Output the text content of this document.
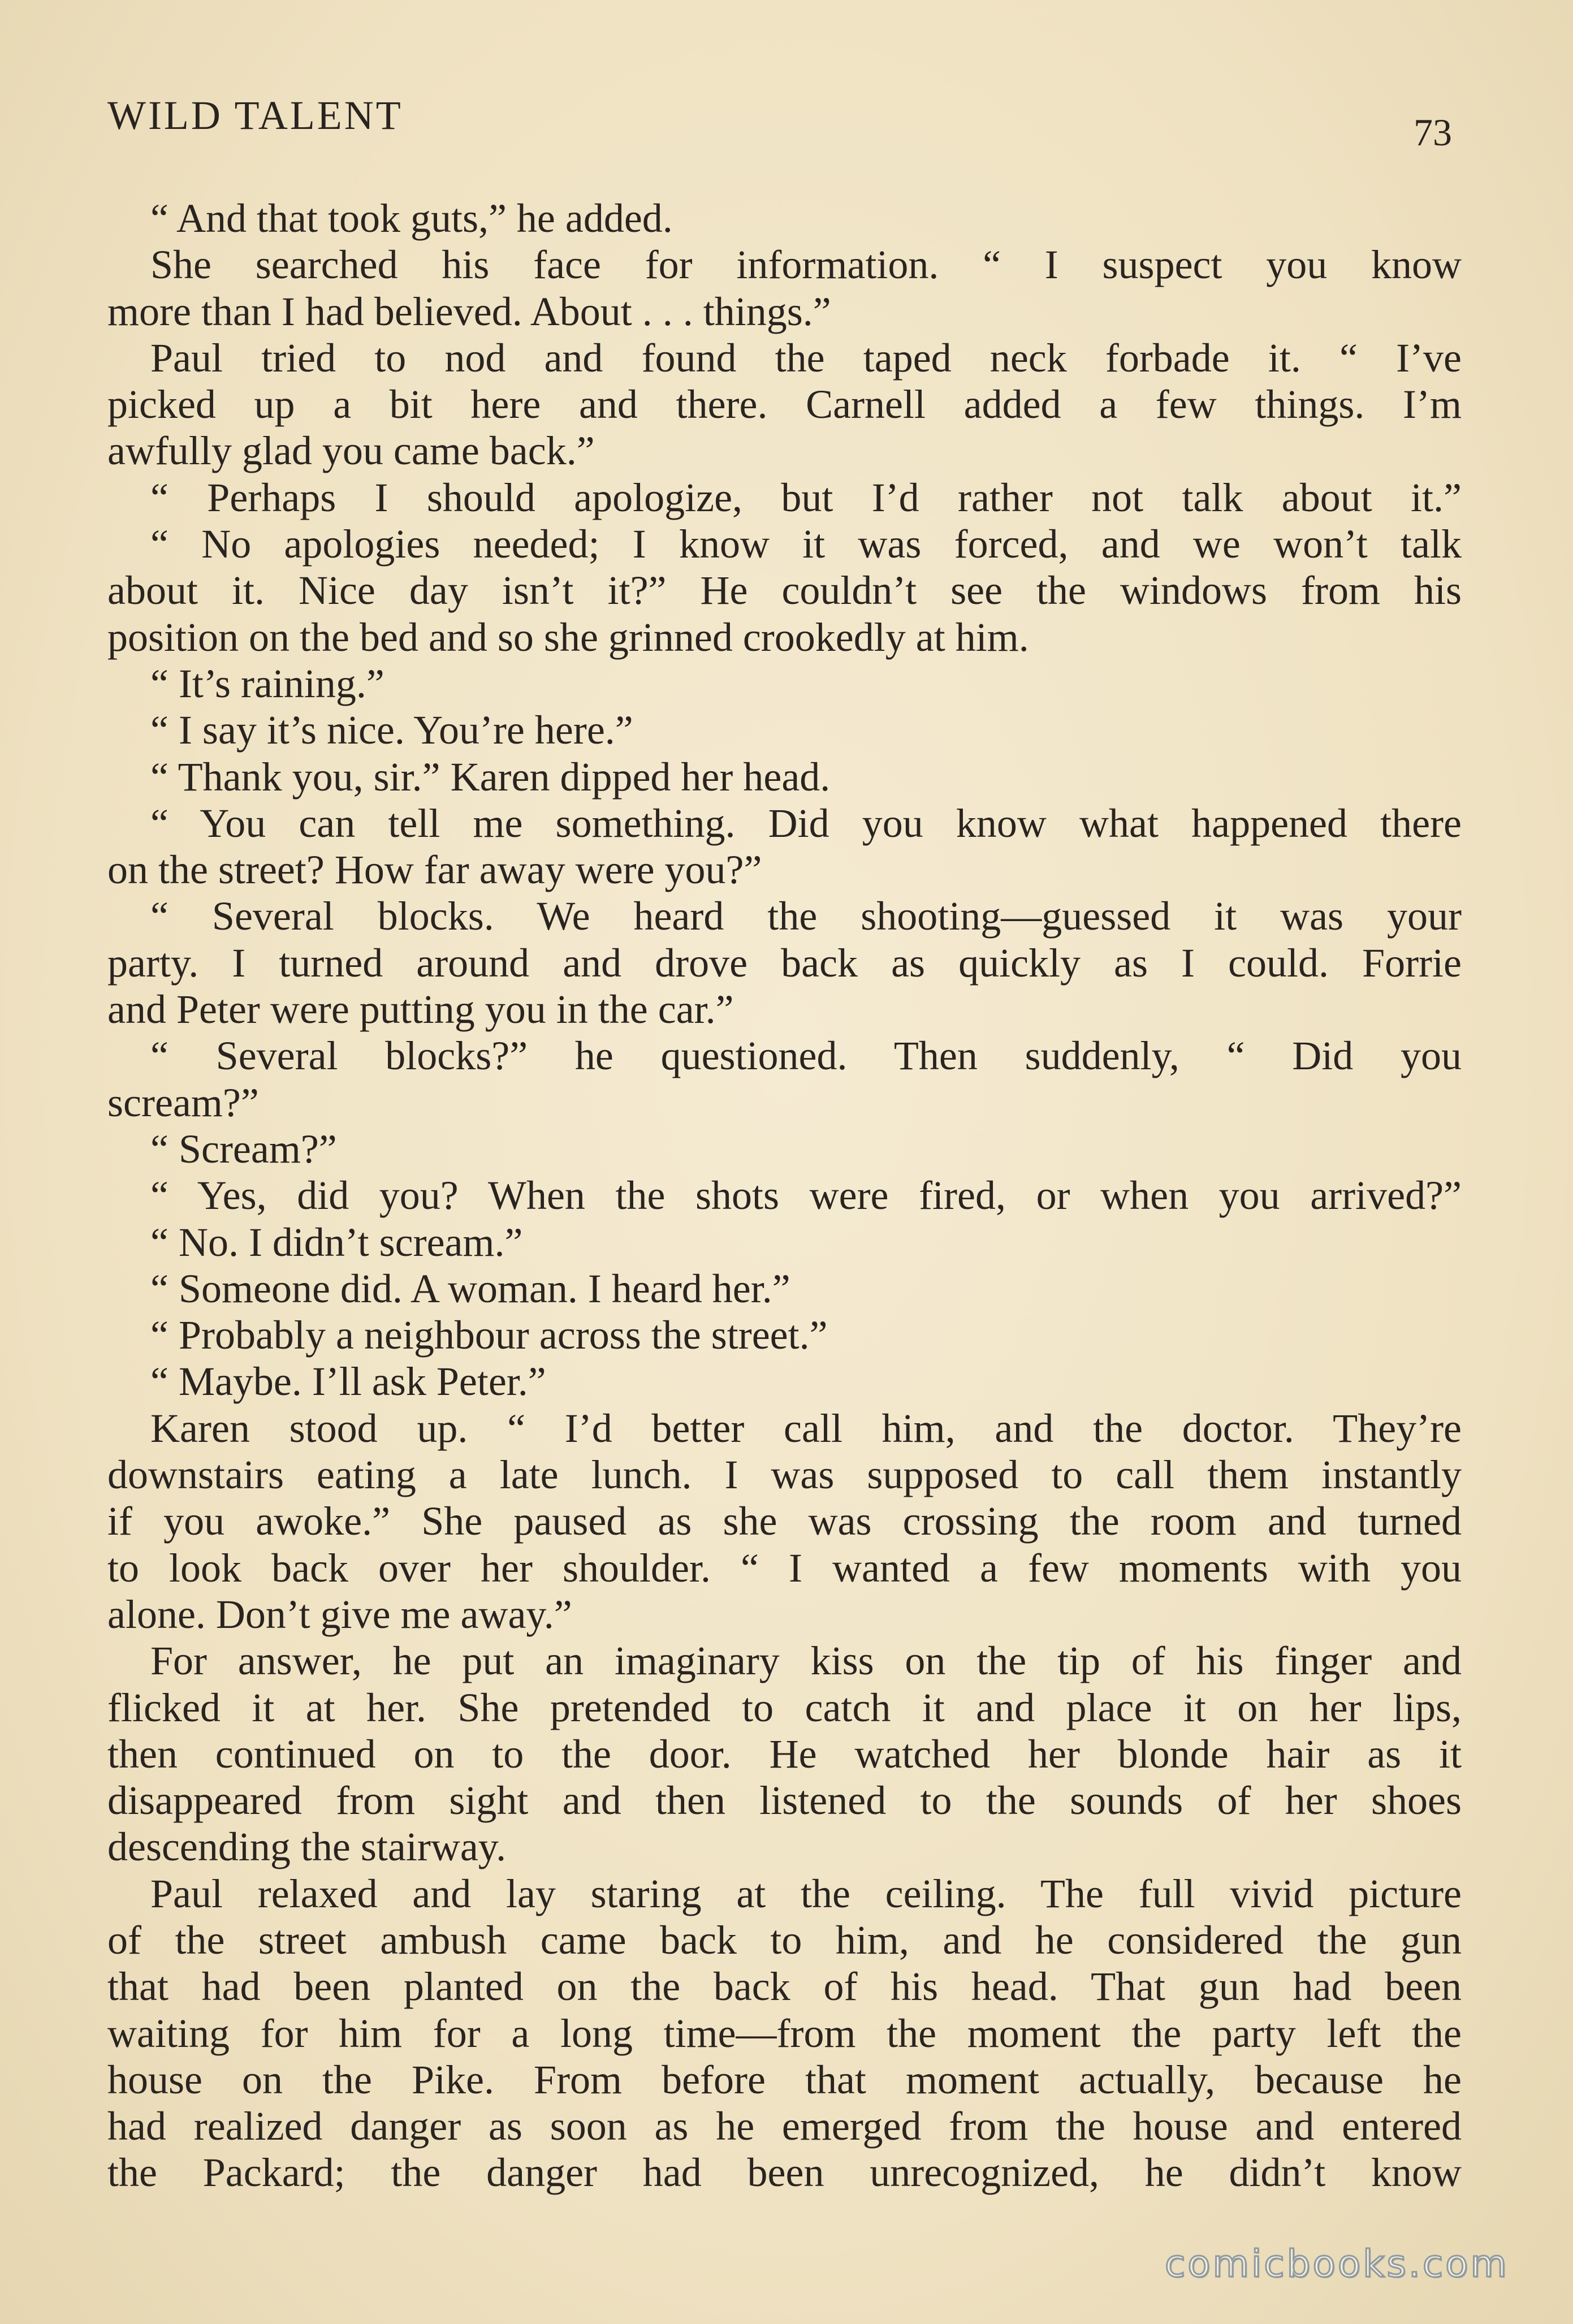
WILD TALENT	73
“ And that took guts,” he added.
She searched his face for information. “ I suspect you know
more than I had believed. About . . . things.”
Paul tried to nod and found the taped neck forbade it. “ I’ve
picked up a bit here and there. Carnell added a few things. I’m
awfully glad you came back.”
“ Perhaps I should apologize, but I’d rather not talk about it.”
“ No apologies needed; I know it was forced, and we won’t talk
about it. Nice day isn’t it?” He couldn’t see the windows from his
position on the bed and so she grinned crookedly at him.
“ It’s raining.”
“ I say it’s nice. You’re here.”
“ Thank you, sir.” Karen dipped her head.
“ You can tell me something. Did you know what happened there
on the street? How far away were you?”
“ Several blocks. We heard the shooting—guessed it was your
party. I turned around and drove back as quickly as I could. Forrie
and Peter were putting you in the car.”
“ Several blocks?” he questioned. Then suddenly, “ Did you
scream?”
“ Scream?”
“ Yes, did you? When the shots were fired, or when you arrived?”
“ No. I didn’t scream.”
“ Someone did. A woman. I heard her.”
“ Probably a neighbour across the street.”
“ Maybe. I’ll ask Peter.”
Karen stood up. “ I’d better call him, and the doctor. They’re
downstairs eating a late lunch. I was supposed to call them instantly
if you awoke.” She paused as she was crossing the room and turned
to look back over her shoulder. “ I wanted a few moments with you
alone. Don’t give me away.”
For answer, he put an imaginary kiss on the tip of his finger and
flicked it at her. She pretended to catch it and place it on her lips,
then continued on to the door. He watched her blonde hair as it
disappeared from sight and then listened to the sounds of her shoes
descending the stairway.
Paul relaxed and lay staring at the ceiling. The full vivid picture
of the street ambush came back to him, and he considered the gun
that had been planted on the back of his head. That gun had been
waiting for him for a long time—from the moment the party left the
house on the Pike. From before that moment actually, because he
had realized danger as soon as he emerged from the house and entered
the Packard; the danger had been unrecognized, he didn’t know
comicbooks.com
